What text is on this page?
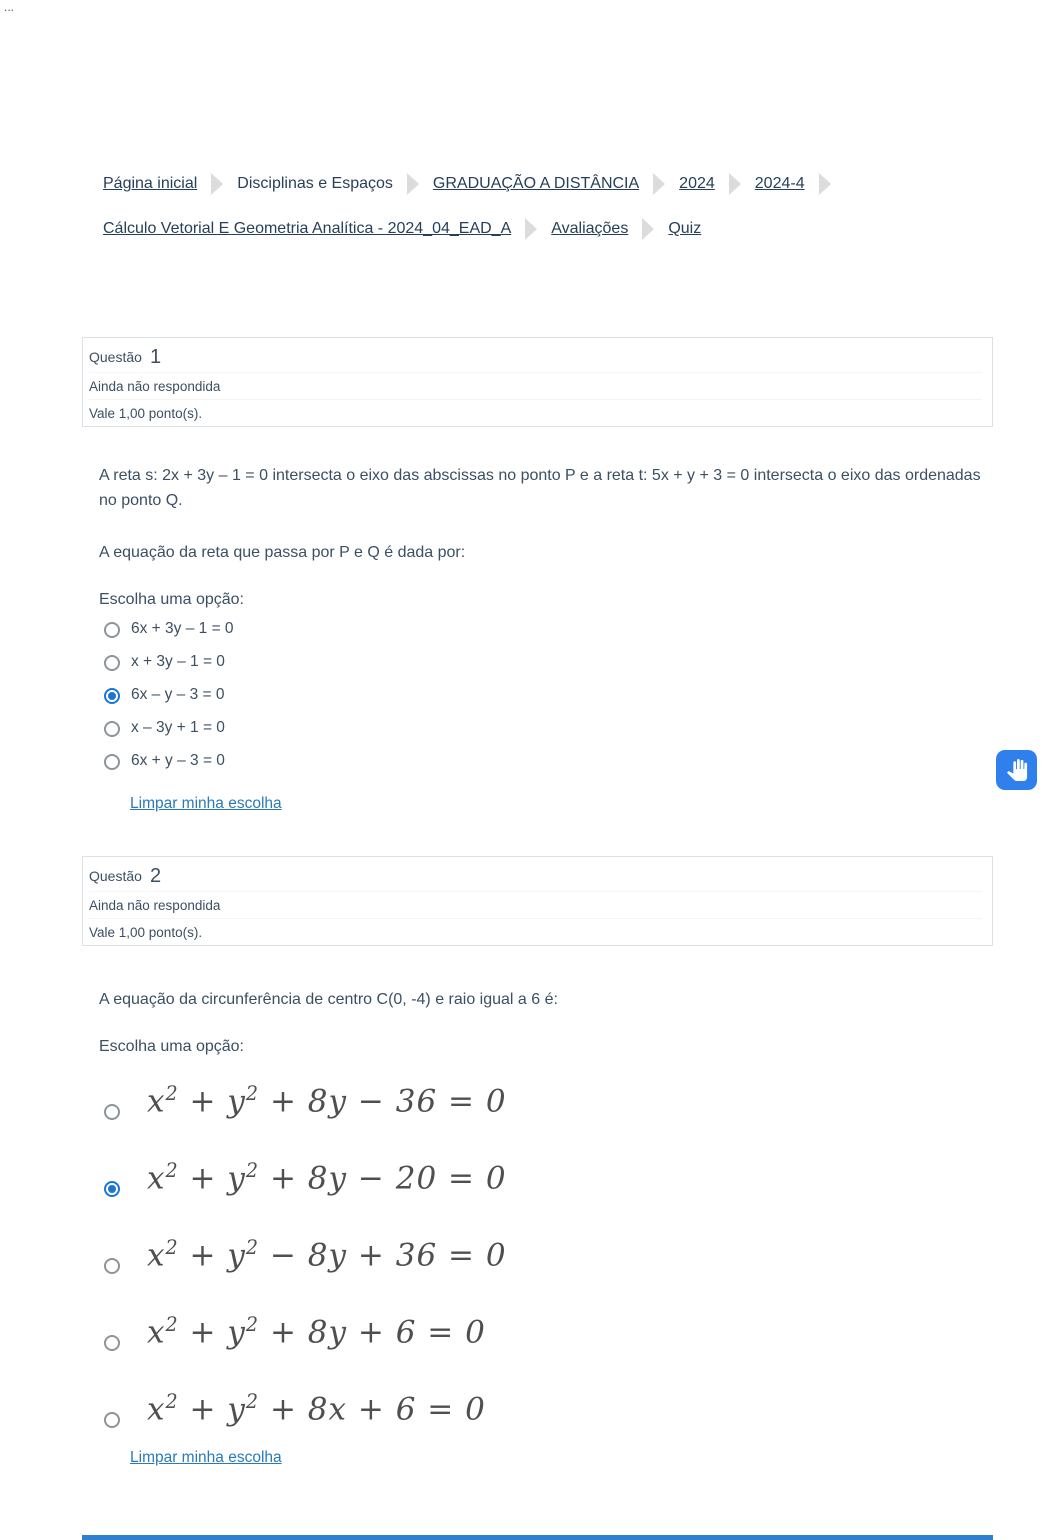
...
Página inicial	Disciplinas e Espaços	GRADUAÇÃO A DISTÂNCIA	2024	2024-4
Cálculo Vetorial E Geometria Analítica - 2024_04_EAD_A	Avaliações	Quiz
Questão 1
Ainda não respondida
Vale 1,00 ponto(s).

A reta s: 2x + 3y – 1 = 0 intersecta o eixo das abscissas no ponto P e a reta t: 5x + y + 3 = 0 intersecta o eixo das ordenadas no ponto Q.

A equação da reta que passa por P e Q é dada por:

Escolha uma opção:

6x + 3y – 1 = 0
x + 3y – 1 = 0
6x – y – 3 = 0
x – 3y + 1 = 0
6x + y – 3 = 0
Limpar minha escolha
Questão 2
Ainda não respondida
Vale 1,00 ponto(s).

A equação da circunferência de centro C(0, -4) e raio igual a 6 é:

Escolha uma opção:

$x^2 + y^2 + 8y - 36 = 0$
$x^2 + y^2 + 8y - 20 = 0$
$x^2 + y^2 - 8y + 36 = 0$
$x^2 + y^2 + 8y + 6 = 0$
$x^2 + y^2 + 8x + 6 = 0$
Limpar minha escolha
